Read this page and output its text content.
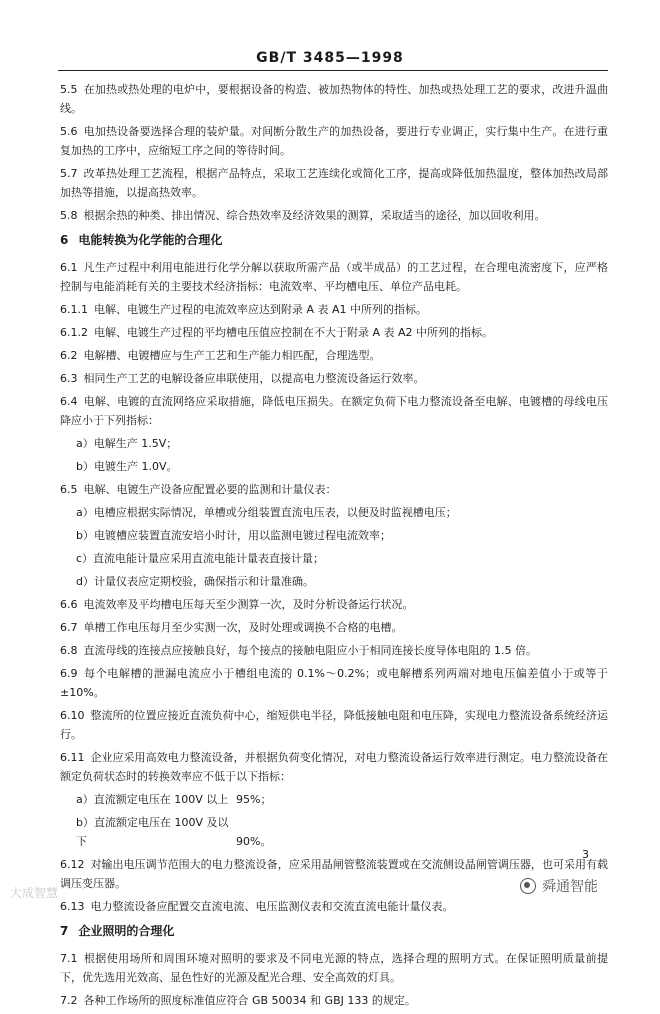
GB/T 3485—1998

5.5 在加热或热处理的电炉中，要根据设备的构造、被加热物体的特性、加热或热处理工艺的要求，改进升温曲线。

5.6 电加热设备要选择合理的装炉量。对间断分散生产的加热设备，要进行专业调正，实行集中生产。在进行重复加热的工序中，应缩短工序之间的等待时间。

5.7 改革热处理工艺流程，根据产品特点，采取工艺连续化或简化工序，提高或降低加热温度，整体加热改局部加热等措施，以提高热效率。

5.8 根据余热的种类、排出情况、综合热效率及经济效果的测算，采取适当的途径，加以回收利用。

6 电能转换为化学能的合理化

6.1 凡生产过程中利用电能进行化学分解以获取所需产品（或半成品）的工艺过程，在合理电流密度下，应严格控制与电能消耗有关的主要技术经济指标：电流效率、平均槽电压、单位产品电耗。

6.1.1 电解、电镀生产过程的电流效率应达到附录 A 表 A1 中所列的指标。

6.1.2 电解、电镀生产过程的平均槽电压值应控制在不大于附录 A 表 A2 中所列的指标。

6.2 电解槽、电镀槽应与生产工艺和生产能力相匹配，合理选型。

6.3 相同生产工艺的电解设备应串联使用，以提高电力整流设备运行效率。

6.4 电解、电镀的直流网络应采取措施，降低电压损失。在额定负荷下电力整流设备至电解、电镀槽的母线电压降应小于下列指标：

a）电解生产 1.5V；

b）电镀生产 1.0V。

6.5 电解、电镀生产设备应配置必要的监测和计量仪表：

a）电槽应根据实际情况，单槽或分组装置直流电压表，以便及时监视槽电压；

b）电镀槽应装置直流安培小时计，用以监测电镀过程电流效率；

c）直流电能计量应采用直流电能计量表直接计量；

d）计量仪表应定期校验，确保指示和计量准确。

6.6 电流效率及平均槽电压每天至少测算一次，及时分析设备运行状况。

6.7 单槽工作电压每月至少实测一次，及时处理或调换不合格的电槽。

6.8 直流母线的连接点应接触良好，每个接点的接触电阻应小于相同连接长度导体电阻的 1.5 倍。

6.9 每个电解槽的泄漏电流应小于槽组电流的 0.1%～0.2%；或电解槽系列两端对地电压偏差值小于或等于±10%。

6.10 整流所的位置应接近直流负荷中心，缩短供电半径，降低接触电阻和电压降，实现电力整流设备系统经济运行。

6.11 企业应采用高效电力整流设备，并根据负荷变化情况，对电力整流设备运行效率进行测定。电力整流设备在额定负荷状态时的转换效率应不低于以下指标：

a）直流额定电压在 100V 以上 95%；

b）直流额定电压在 100V 及以下	90%。

6.12 对输出电压调节范围大的电力整流设备，应采用晶闸管整流装置或在交流侧设晶闸管调压器，也可采用有载调压变压器。

6.13 电力整流设备应配置交直流电流、电压监测仪表和交流直流电能计量仪表。

7 企业照明的合理化

7.1 根据使用场所和周围环境对照明的要求及不同电光源的特点，选择合理的照明方式。在保证照明质量前提下，优先选用光效高、显色性好的光源及配光合理、安全高效的灯具。

7.2 各种工作场所的照度标准值应符合 GB 50034 和 GBJ 133 的规定。

3
大成智慧	舜通智能
